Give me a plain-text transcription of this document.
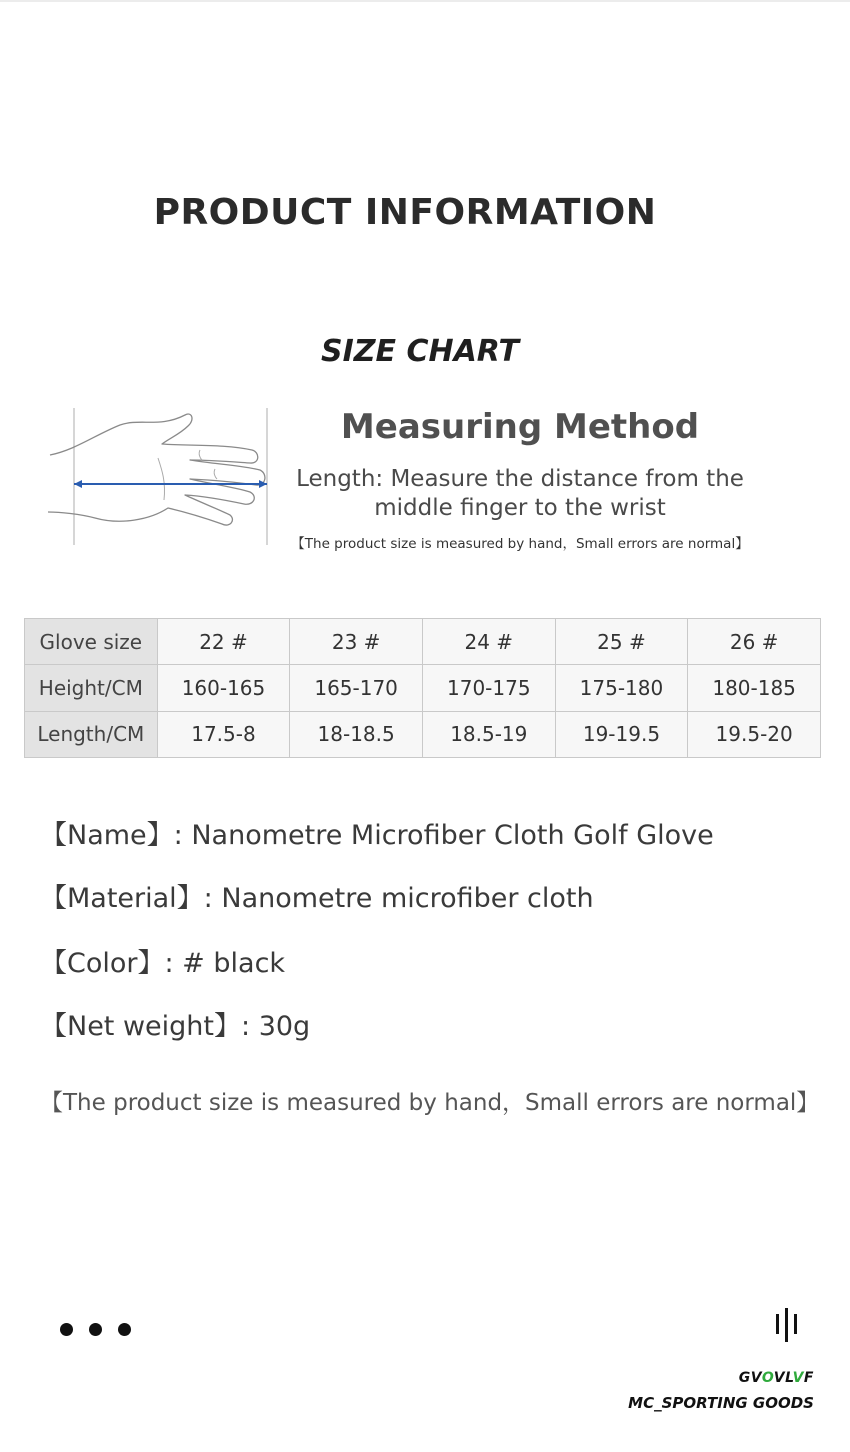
PRODUCT INFORMATION
SIZE CHART
Measuring Method
Length: Measure the distance from the
middle finger to the wrist
【The product size is measured by hand，Small errors are normal】
Glove size	22 #	23 #	24 #	25 #	26 #
Height/CM	160-165	165-170	170-175	175-180	180-185
Length/CM	17.5-8	18-18.5	18.5-19	19-19.5	19.5-20
【Name】: Nanometre Microfiber Cloth Golf Glove
【Material】: Nanometre microfiber cloth
【Color】: # black
【Net weight】: 30g
【The product size is measured by hand，Small errors are normal】
GVOVLVF
MC_SPORTING GOODS
